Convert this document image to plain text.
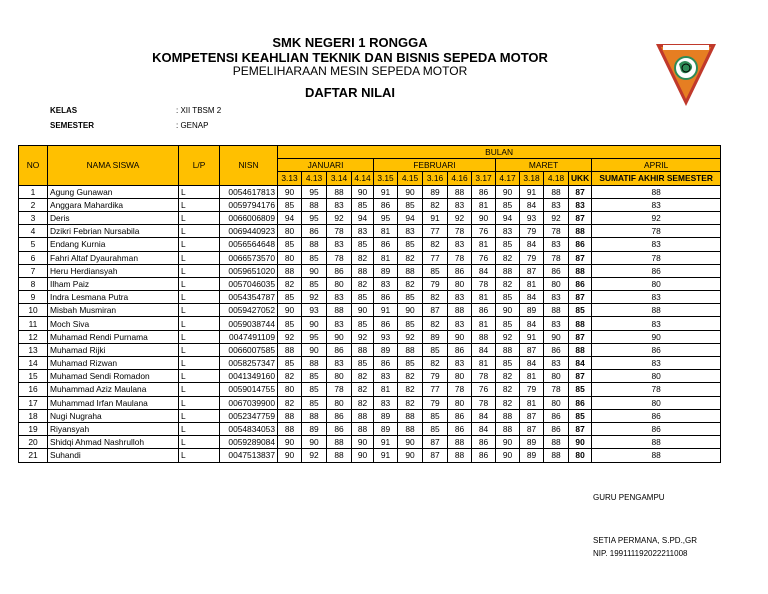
SMK NEGERI 1 RONGGA
KOMPETENSI KEAHLIAN TEKNIK DAN BISNIS SEPEDA MOTOR
PEMELIHARAAN MESIN SEPEDA MOTOR
DAFTAR NILAI
KELAS	: XII TBSM 2
SEMESTER	: GENAP
NO	NAMA SISWA	L/P	NISN	BULAN													
				JANUARI				FEBRUARI					MARET				APRIL
				3.13	4.13	3.14	4.14	3.15	4.15	3.16	4.16	3.17	4.17	3.18	4.18	UKK	SUMATIF AKHIR SEMESTER
1	Agung Gunawan	L	0054617813	90	95	88	90	91	90	89	88	86	90	91	88	87	88
2	Anggara Mahardika	L	0059794176	85	88	83	85	86	85	82	83	81	85	84	83	83	83
3	Deris	L	0066006809	94	95	92	94	95	94	91	92	90	94	93	92	87	92
4	Dzikri Febrian Nursabila	L	0069440923	80	86	78	83	81	83	77	78	76	83	79	78	88	78
5	Endang Kurnia	L	0056564648	85	88	83	85	86	85	82	83	81	85	84	83	86	83
6	Fahri Altaf Dyaurahman	L	0066573570	80	85	78	82	81	82	77	78	76	82	79	78	87	78
7	Heru Herdiansyah	L	0059651020	88	90	86	88	89	88	85	86	84	88	87	86	88	86
8	Ilham Paiz	L	0057046035	82	85	80	82	83	82	79	80	78	82	81	80	86	80
9	Indra Lesmana Putra	L	0054354787	85	92	83	85	86	85	82	83	81	85	84	83	87	83
10	Misbah Musmiran	L	0059427052	90	93	88	90	91	90	87	88	86	90	89	88	85	88
11	Moch Siva	L	0059038744	85	90	83	85	86	85	82	83	81	85	84	83	88	83
12	Muhamad Rendi Purnama	L	0047491109	92	95	90	92	93	92	89	90	88	92	91	90	87	90
13	Muhamad Rijki	L	0066007585	88	90	86	88	89	88	85	86	84	88	87	86	88	86
14	Muhamad Rizwan	L	0058257347	85	88	83	85	86	85	82	83	81	85	84	83	84	83
15	Muhamad Sendi Romadon	L	0041349160	82	85	80	82	83	82	79	80	78	82	81	80	87	80
16	Muhammad Aziz Maulana	L	0059014755	80	85	78	82	81	82	77	78	76	82	79	78	85	78
17	Muhammad Irfan Maulana	L	0067039900	82	85	80	82	83	82	79	80	78	82	81	80	86	80
18	Nugi Nugraha	L	0052347759	88	88	86	88	89	88	85	86	84	88	87	86	85	86
19	Riyansyah	L	0054834053	88	89	86	88	89	88	85	86	84	88	87	86	87	86
20	Shidqi Ahmad Nashrulloh	L	0059289084	90	90	88	90	91	90	87	88	86	90	89	88	90	88
21	Suhandi	L	0047513837	90	92	88	90	91	90	87	88	86	90	89	88	80	88
GURU PENGAMPU
SETIA PERMANA, S.PD.,GR
NIP. 199111192022211008
